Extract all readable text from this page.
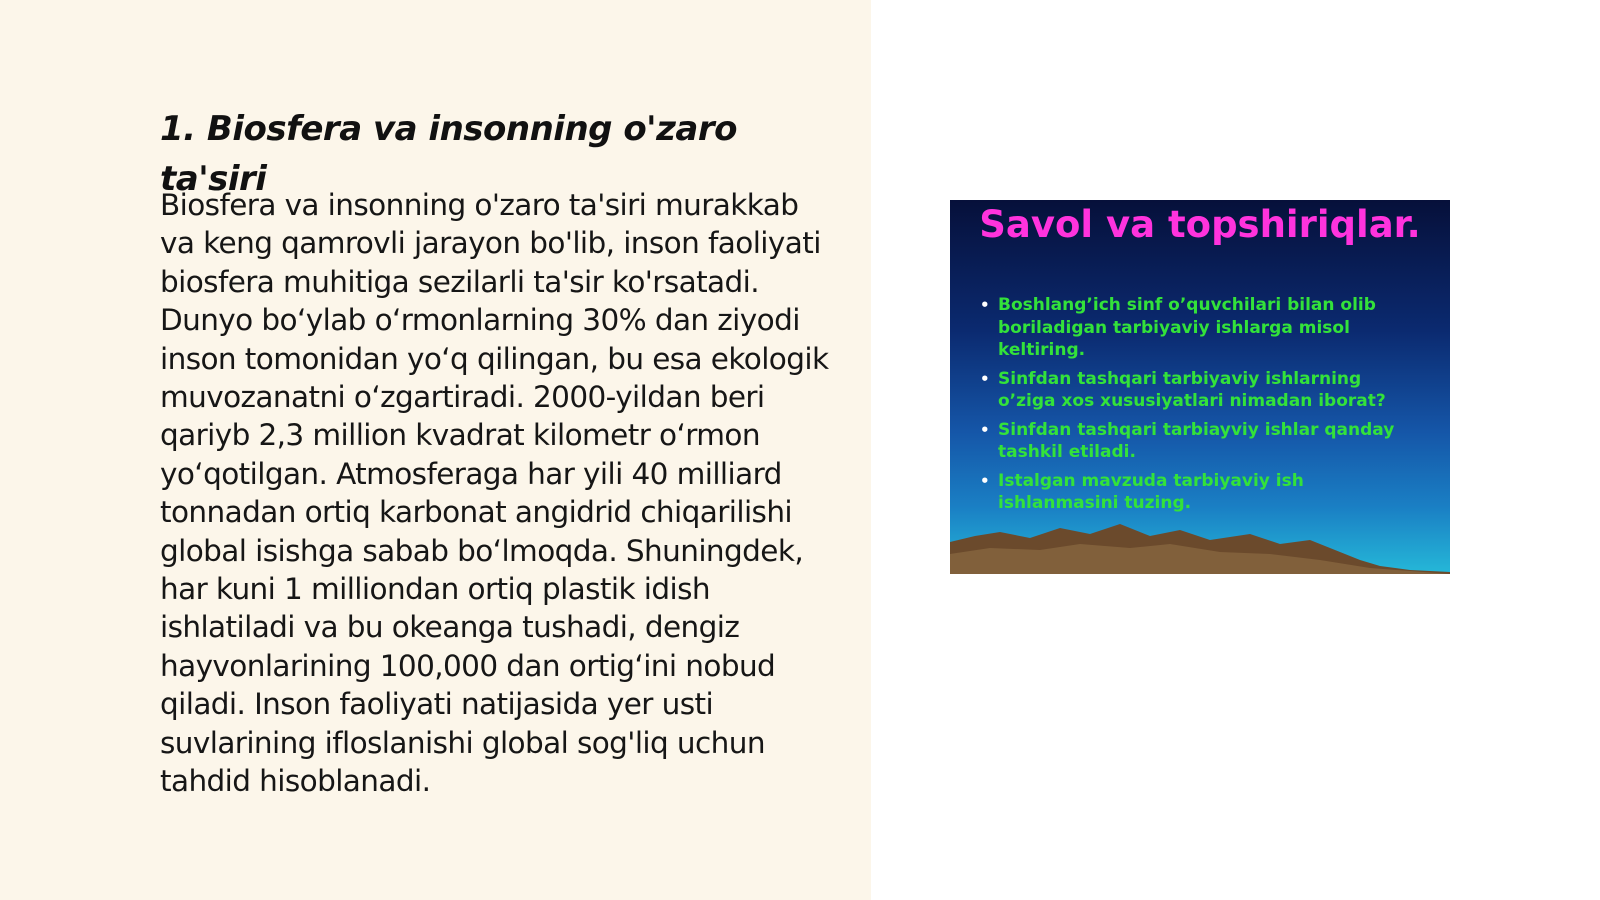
1. Biosfera va insonning o'zaro ta'siri

Biosfera va insonning o'zaro ta'siri murakkab va keng qamrovli jarayon bo'lib, inson faoliyati biosfera muhitiga sezilarli ta'sir ko'rsatadi. Dunyo bo‘ylab o‘rmonlarning 30% dan ziyodi inson tomonidan yo‘q qilingan, bu esa ekologik muvozanatni o‘zgartiradi. 2000-yildan beri qariyb 2,3 million kvadrat kilometr o‘rmon yo‘qotilgan. Atmosferaga har yili 40 milliard tonnadan ortiq karbonat angidrid chiqarilishi global isishga sabab bo‘lmoqda. Shuningdek, har kuni 1 milliondan ortiq plastik idish ishlatiladi va bu okeanga tushadi, dengiz hayvonlarining 100,000 dan ortig‘ini nobud qiladi. Inson faoliyati natijasida yer usti suvlarining ifloslanishi global sog'liq uchun tahdid hisoblanadi.

Savol va topshiriqlar.
• Boshlang’ich sinf o’quvchilari bilan olib boriladigan tarbiyaviy ishlarga misol keltiring.
• Sinfdan tashqari tarbiyaviy ishlarning o’ziga xos xususiyatlari nimadan iborat?
• Sinfdan tashqari tarbiayviy ishlar qanday tashkil etiladi.
• Istalgan mavzuda tarbiyaviy ish ishlanmasini tuzing.
